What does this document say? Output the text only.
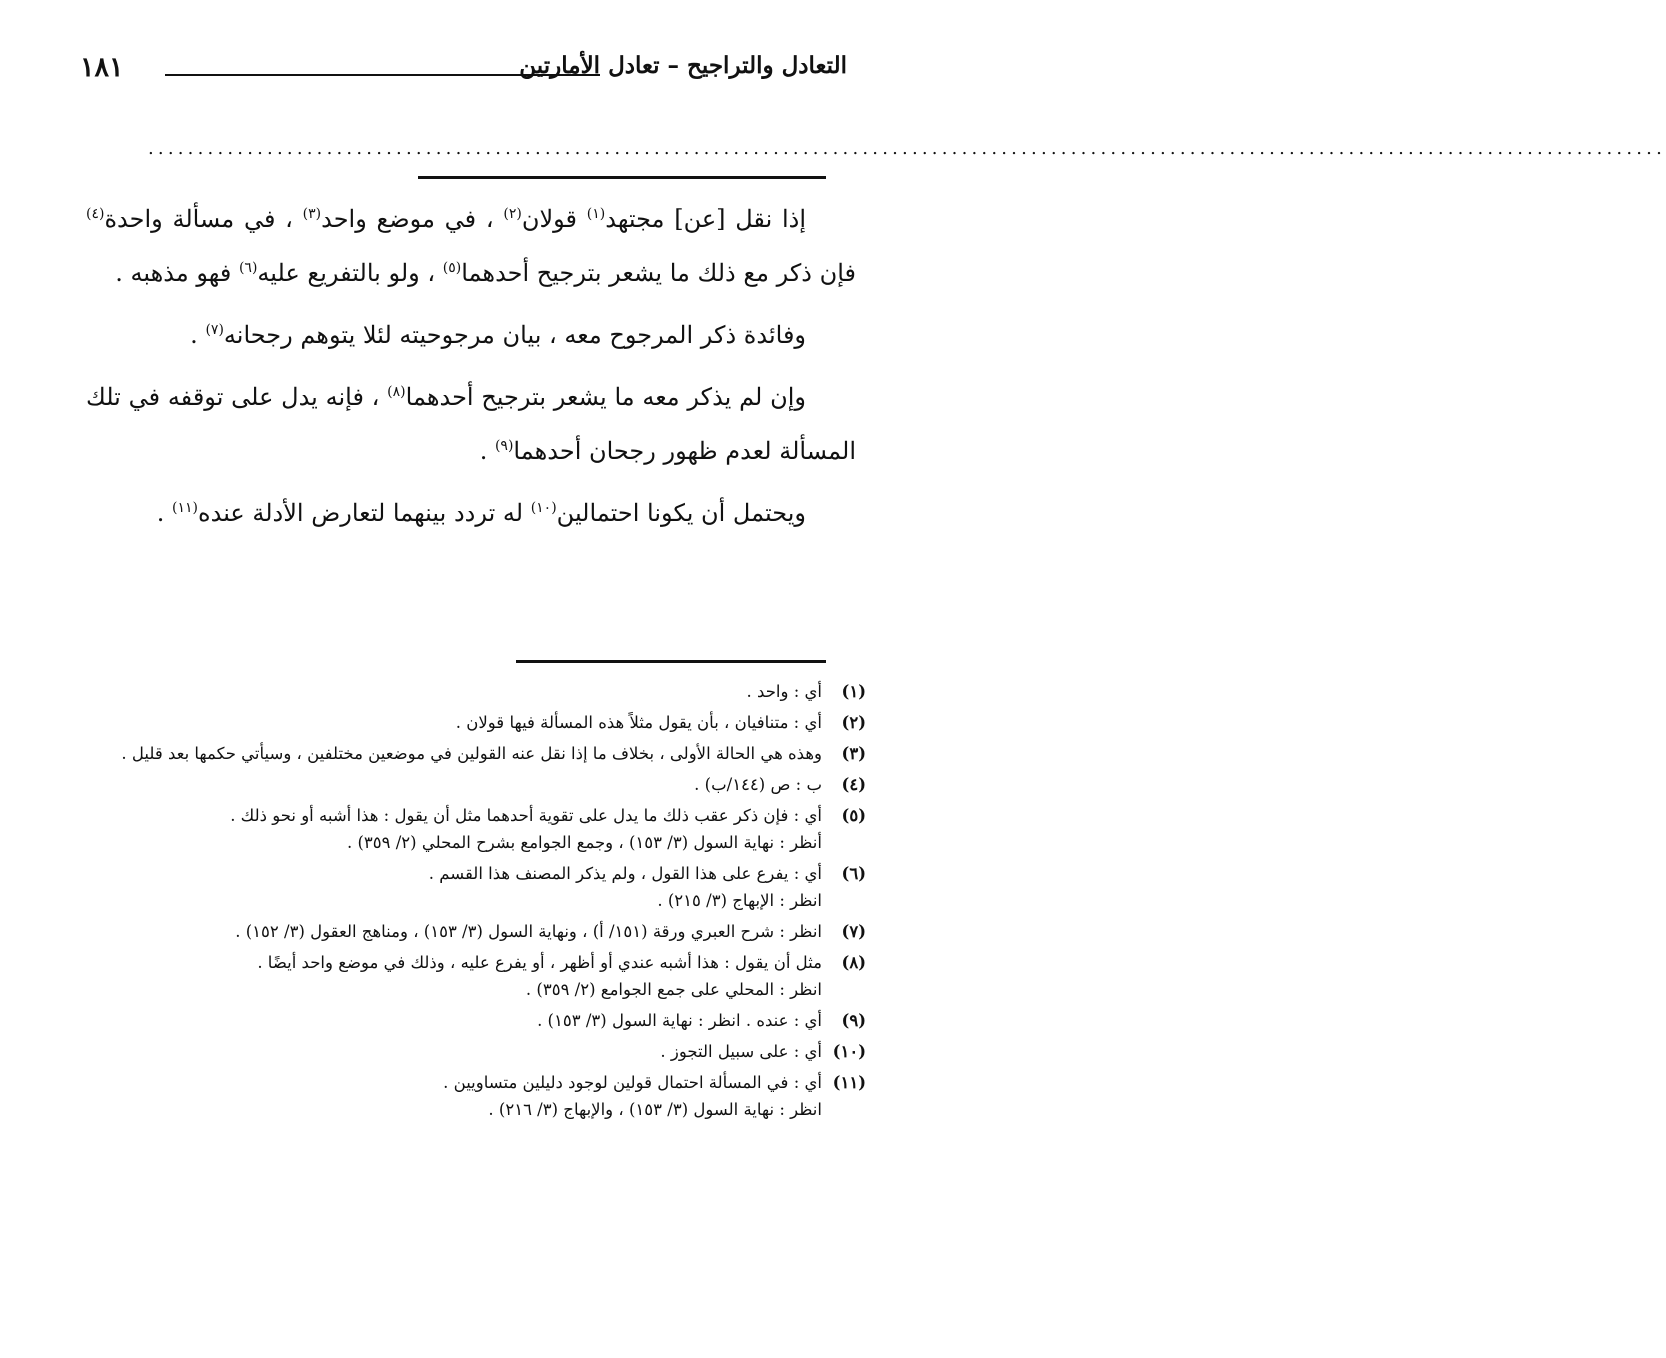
التعادل والتراجيح – تعادل الأمارتين
١٨١
.........................................................................................................................................................

إذا نقل [عن] مجتهد$^{(١)}$ قولان$^{(٢)}$ ، في موضع واحد$^{(٣)}$ ، في مسألة واحدة$^{(٤)}$ فإن ذكر مع ذلك ما يشعر بترجيح أحدهما$^{(٥)}$ ، ولو بالتفريع عليه$^{(٦)}$ فهو مذهبه .

وفائدة ذكر المرجوح معه ، بيان مرجوحيته لئلا يتوهم رجحانه$^{(٧)}$ .

وإن لم يذكر معه ما يشعر بترجيح أحدهما$^{(٨)}$ ، فإنه يدل على توقفه في تلك المسألة لعدم ظهور رجحان أحدهما$^{(٩)}$ .

ويحتمل أن يكونا احتمالين$^{(١٠)}$ له تردد بينهما لتعارض الأدلة عنده$^{(١١)}$ .

(١)
أي : واحد .
(٢)
أي : متنافيان ، بأن يقول مثلاً هذه المسألة فيها قولان .
(٣)
وهذه هي الحالة الأولى ، بخلاف ما إذا نقل عنه القولين في موضعين مختلفين ، وسيأتي حكمها بعد قليل .
(٤)
ب : ص (١٤٤/ب) .
(٥)
أي : فإن ذكر عقب ذلك ما يدل على تقوية أحدهما مثل أن يقول : هذا أشبه أو نحو ذلك .
أنظر : نهاية السول (٣/ ١٥٣) ، وجمع الجوامع بشرح المحلي (٢/ ٣٥٩) .
(٦)
أي : يفرع على هذا القول ، ولم يذكر المصنف هذا القسم .
انظر : الإبهاج (٣/ ٢١٥) .
(٧)
انظر : شرح العبري ورقة (١٥١/ أ) ، ونهاية السول (٣/ ١٥٣) ، ومناهج العقول (٣/ ١٥٢) .
(٨)
مثل أن يقول : هذا أشبه عندي أو أظهر ، أو يفرع عليه ، وذلك في موضع واحد أيضًا .
انظر : المحلي على جمع الجوامع (٢/ ٣٥٩) .
(٩)
أي : عنده . انظر : نهاية السول (٣/ ١٥٣) .
(١٠)
أي : على سبيل التجوز .
(١١)
أي : في المسألة احتمال قولين لوجود دليلين متساويين .
انظر : نهاية السول (٣/ ١٥٣) ، والإبهاج (٣/ ٢١٦) .
